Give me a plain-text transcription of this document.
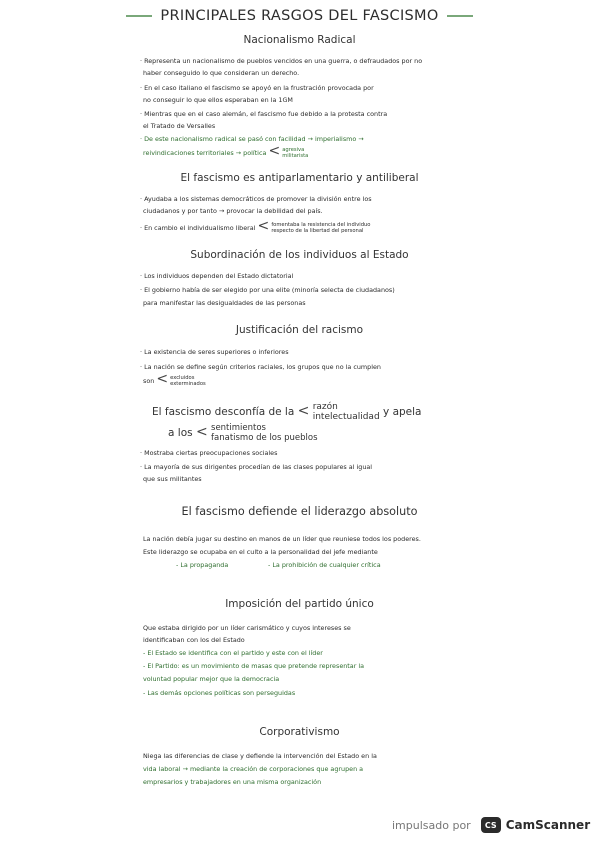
PRINCIPALES RASGOS DEL FASCISMO
Nacionalismo Radical
· Representa un nacionalismo de pueblos vencidos en una guerra, o defraudados por no
haber conseguido lo que consideran un derecho.
· En el caso italiano el fascismo se apoyó en la frustración provocada por
no conseguir lo que ellos esperaban en la 1GM
· Mientras que en el caso alemán, el fascismo fue debido a la protesta contra
el Tratado de Versalles
· De este nacionalismo radical se pasó con facilidad → imperialismo →
reivindicaciones territoriales → política < agresiva
militarista
El fascismo es antiparlamentario y antiliberal
· Ayudaba a los sistemas democráticos de promover la división entre los
ciudadanos y por tanto → provocar la debilidad del país.
· En cambio el individualismo liberal < fomentaba la resistencia del individuo
respecto de la libertad del personal
Subordinación de los individuos al Estado
· Los individuos dependen del Estado dictatorial
· El gobierno había de ser elegido por una elite (minoría selecta de ciudadanos)
para manifestar las desigualdades de las personas
Justificación del racismo
· La existencia de seres superiores o inferiores
· La nación se define según criterios raciales, los grupos que no la cumplen
son < excluidos
exterminados
El fascismo desconfía de la < razón
intelectualidad y apela
a los < sentimientos
fanatismo de los pueblos
· Mostraba ciertas preocupaciones sociales
· La mayoría de sus dirigentes procedían de las clases populares al igual
que sus militantes
El fascismo defiende el liderazgo absoluto
La nación debía jugar su destino en manos de un líder que reuniese todos los poderes.
Este liderazgo se ocupaba en el culto a la personalidad del jefe mediante
- La propaganda	- La prohibición de cualquier crítica
Imposición del partido único
Que estaba dirigido por un líder carismático y cuyos intereses se
identificaban con los del Estado
- El Estado se identifica con el partido y este con el líder
- El Partido: es un movimiento de masas que pretende representar la
voluntad popular mejor que la democracia
- Las demás opciones políticas son perseguidas
Corporativismo
Niega las diferencias de clase y defiende la intervención del Estado en la
vida laboral → mediante la creación de corporaciones que agrupen a
empresarios y trabajadores en una misma organización
impulsado por	CS CamScanner
